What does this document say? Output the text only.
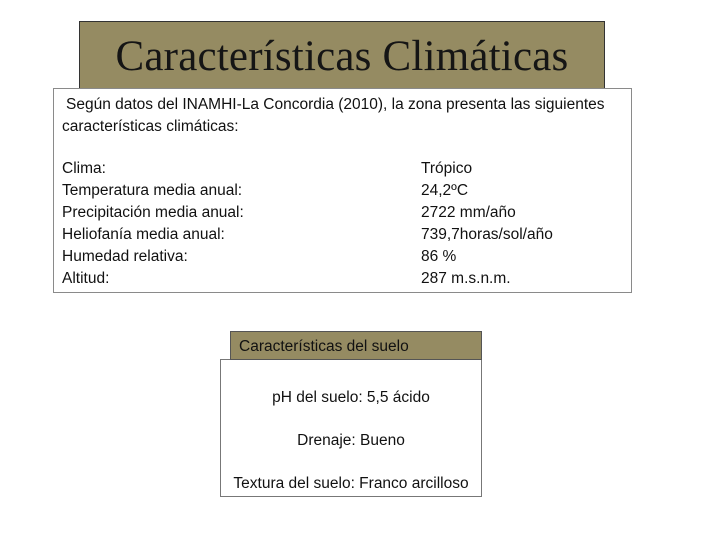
Características Climáticas

Según datos del INAMHI-La Concordia (2010), la zona presenta las siguientes
características climáticas:

Clima:	Trópico
Temperatura media anual:	24,2ºC
Precipitación media anual:	2722 mm/año
Heliofanía media anual:	739,7horas/sol/año
Humedad relativa:	86 %
Altitud:	287 m.s.n.m.
pH del suelo: 5,5 ácido
Drenaje: Bueno
Textura del suelo: Franco arcilloso
Características del suelo
